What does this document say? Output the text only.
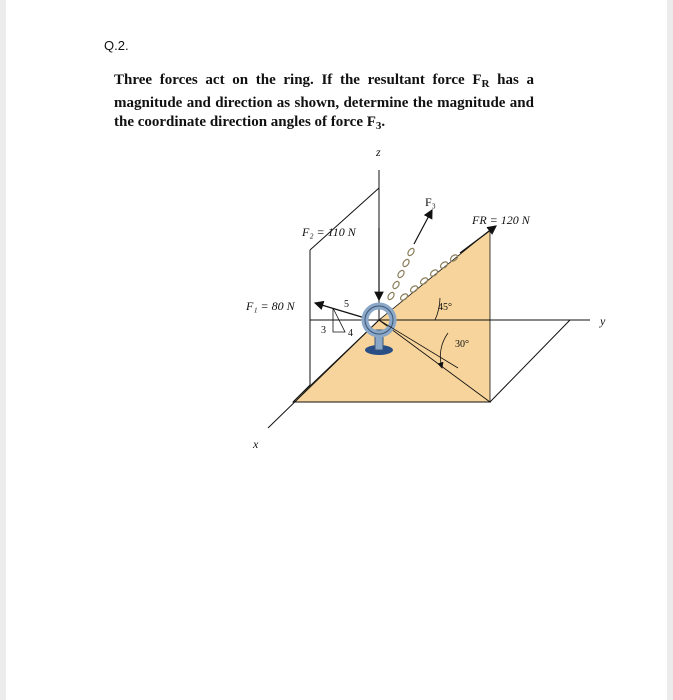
Q.2.
Three forces act on the ring. If the resultant force $F_R$ has a magnitude and direction as shown, determine the magnitude and the coordinate direction angles of force $F_3$.
z
x
y
F₃
FR = 120 N
F₂ = 110 N
F₁ = 80 N	5
3 4
45°
30°
